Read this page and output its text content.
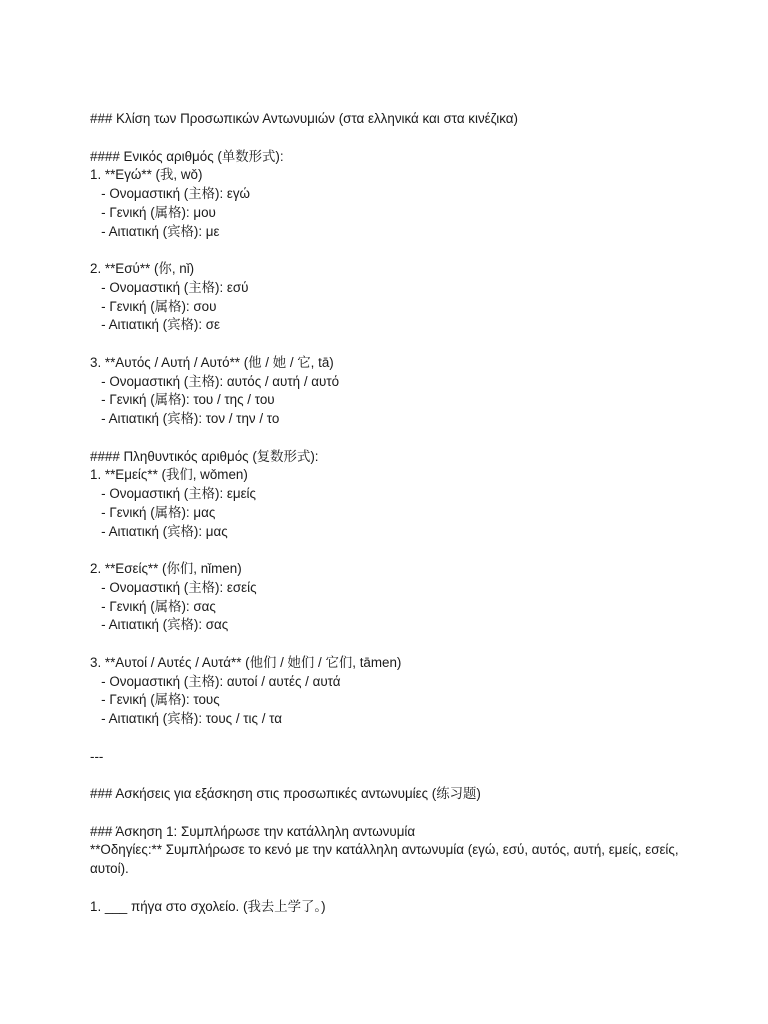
### Κλίση των Προσωπικών Αντωνυμιών (στα ελληνικά και στα κινέζικα)
#### Ενικός αριθμός (单数形式):
1. **Εγώ** (我, wǒ)
- Ονομαστική (主格): εγώ
- Γενική (属格): μου
- Αιτιατική (宾格): με
2. **Εσύ** (你, nǐ)
- Ονομαστική (主格): εσύ
- Γενική (属格): σου
- Αιτιατική (宾格): σε
3. **Αυτός / Αυτή / Αυτό** (他 / 她 / 它, tā)
- Ονομαστική (主格): αυτός / αυτή / αυτό
- Γενική (属格): του / της / του
- Αιτιατική (宾格): τον / την / το
#### Πληθυντικός αριθμός (复数形式):
1. **Εμείς** (我们, wǒmen)
- Ονομαστική (主格): εμείς
- Γενική (属格): μας
- Αιτιατική (宾格): μας
2. **Εσείς** (你们, nǐmen)
- Ονομαστική (主格): εσείς
- Γενική (属格): σας
- Αιτιατική (宾格): σας
3. **Αυτοί / Αυτές / Αυτά** (他们 / 她们 / 它们, tāmen)
- Ονομαστική (主格): αυτοί / αυτές / αυτά
- Γενική (属格): τους
- Αιτιατική (宾格): τους / τις / τα
---
### Ασκήσεις για εξάσκηση στις προσωπικές αντωνυμίες (练习题)
### Άσκηση 1: Συμπλήρωσε την κατάλληλη αντωνυμία
**Οδηγίες:** Συμπλήρωσε το κενό με την κατάλληλη αντωνυμία (εγώ, εσύ, αυτός, αυτή, εμείς, εσείς, αυτοί).
1. ___ πήγα στο σχολείο. (我去上学了。)
